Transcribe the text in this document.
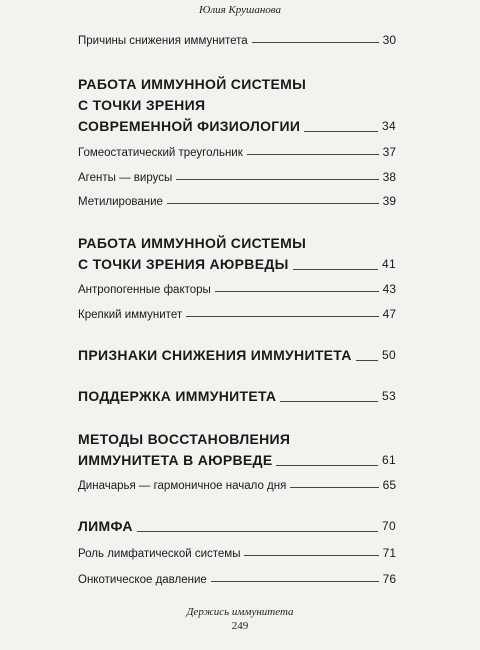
Юлия Крушанова
Причины снижения иммунитета	30
РАБОТА ИММУННОЙ СИСТЕМЫ
С ТОЧКИ ЗРЕНИЯ
СОВРЕМЕННОЙ ФИЗИОЛОГИИ	34
Гомеостатический треугольник	37
Агенты — вирусы	38
Метилирование	39
РАБОТА ИММУННОЙ СИСТЕМЫ
С ТОЧКИ ЗРЕНИЯ АЮРВЕДЫ	41
Антропогенные факторы	43
Крепкий иммунитет	47
ПРИЗНАКИ СНИЖЕНИЯ ИММУНИТЕТА	50
ПОДДЕРЖКА ИММУНИТЕТА	53
МЕТОДЫ ВОССТАНОВЛЕНИЯ
ИММУНИТЕТА В АЮРВЕДЕ	61
Диначарья — гармоничное начало дня	65
ЛИМФА	70
Роль лимфатической системы	71
Онкотическое давление	76
Держись иммунитета
249
